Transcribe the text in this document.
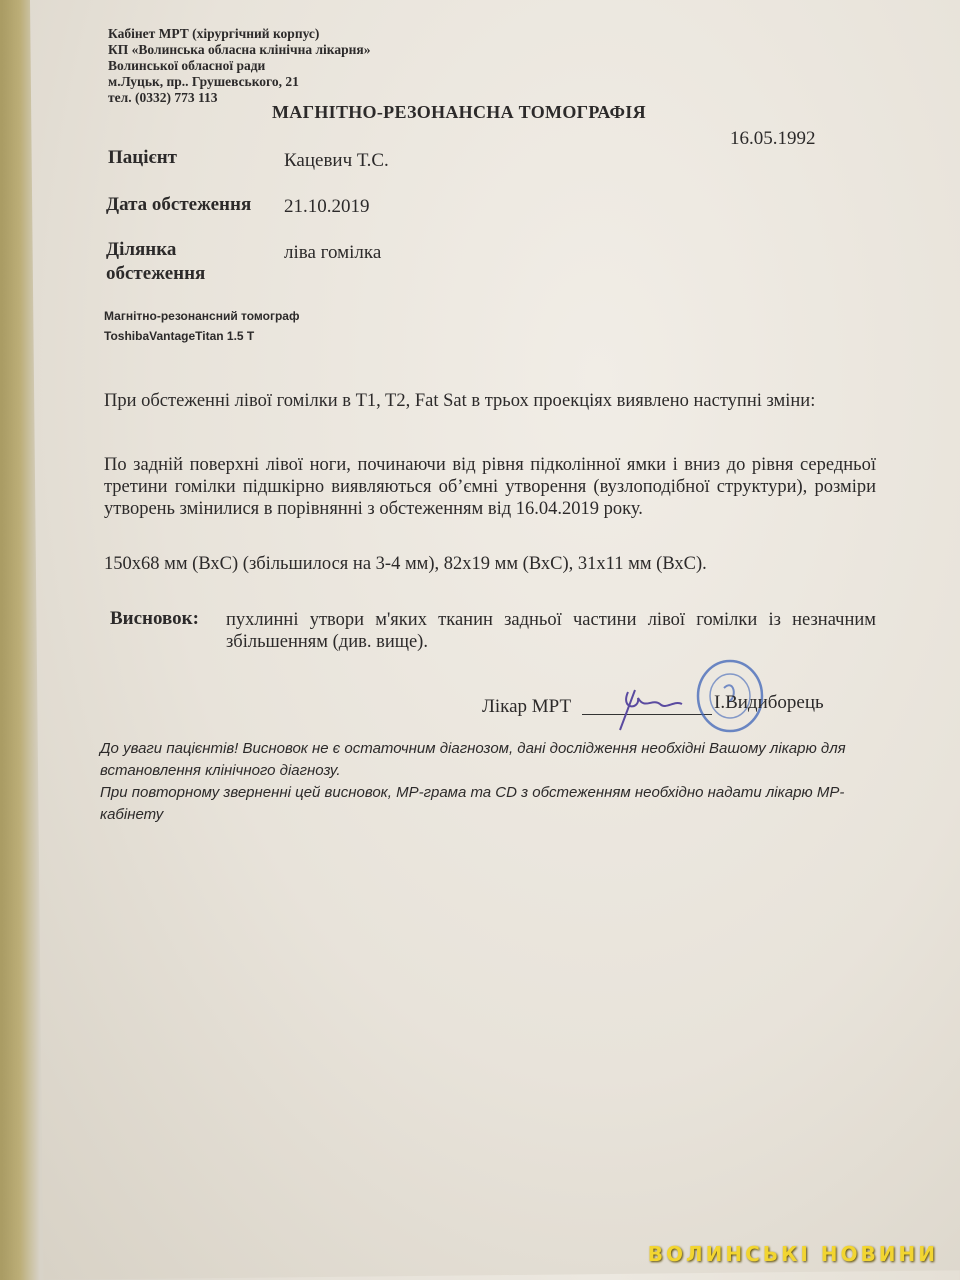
Кабінет МРТ (хірургічний корпус)
КП «Волинська обласна клінічна лікарня»
Волинської обласної ради
м.Луцьк, пр.. Грушевського, 21
тел. (0332) 773 113
МАГНІТНО-РЕЗОНАНСНА ТОМОГРАФІЯ
16.05.1992
Пацієнт	Кацевич Т.С.
Дата обстеження 21.10.2019
Ділянка обстеження
ліва гомілка
Магнітно-резонансний томограф
ToshibaVantageTitan 1.5 T
При обстеженні лівої гомілки в T1, T2, Fat Sat в трьох проекціях виявлено наступні зміни:
По задній поверхні лівої ноги, починаючи від рівня підколінної ямки і вниз до рівня середньої третини гомілки підшкірно виявляються об’ємні утворення (вузлоподібної структури), розміри утворень змінилися в порівнянні з обстеженням від 16.04.2019 року.
150x68 мм (ВхС) (збільшилося на 3-4 мм), 82x19 мм (ВхС), 31x11 мм (ВхС).
Висновок: пухлинні утвори м'яких тканин задньої частини лівої гомілки із незначним збільшенням (див. вище).
Лікар МРТ	І.Видиборець
До уваги пацієнтів! Висновок не є остаточним діагнозом, дані дослідження необхідні Вашому лікарю для встановлення клінічного діагнозу.
При повторному зверненні цей висновок, МР-грама та CD з обстеженням необхідно надати лікарю МР-кабінету
ВОЛИНСЬКІ НОВИНИ
